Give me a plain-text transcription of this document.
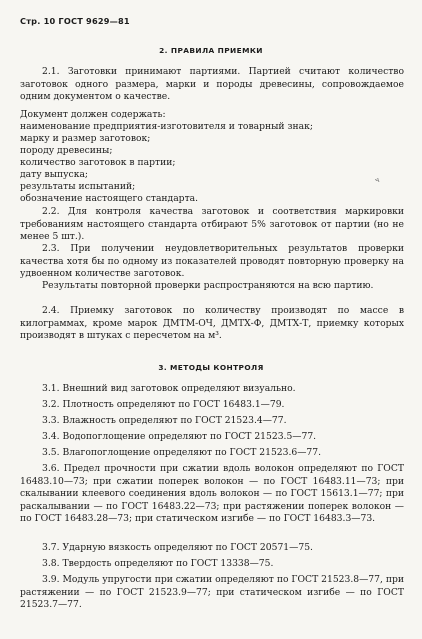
Стр. 10 ГОСТ 9629—81
2. ПРАВИЛА ПРИЕМКИ

2.1. Заготовки принимают партиями. Партией считают количество заготовок одного размера, марки и породы древесины, сопровождаемое одним документом о качестве.

Документ должен содержать:
наименование предприятия-изготовителя и товарный знак;
марку и размер заготовок;
породу древесины;
количество заготовок в партии;
дату выпуска;
результаты испытаний;
обозначение настоящего стандарта.
ч

2.2. Для контроля качества заготовок и соответствия маркировки требованиям настоящего стандарта отбирают 5% заготовок от партии (но не менее 5 шт.).

2.3. При получении неудовлетворительных результатов проверки качества хотя бы по одному из показателей проводят повторную проверку на удвоенном количестве заготовок.

Результаты повторной проверки распространяются на всю партию.

2.4. Приемку заготовок по количеству производят по массе в килограммах, кроме марок ДМТМ-ОЧ, ДМТХ-Ф, ДМТХ-Т, приемку которых производят в штуках с пересчетом на м³.

3. МЕТОДЫ КОНТРОЛЯ

3.1. Внешний вид заготовок определяют визуально.

3.2. Плотность определяют по ГОСТ 16483.1—79.

3.3. Влажность определяют по ГОСТ 21523.4—77.

3.4. Водопоглощение определяют по ГОСТ 21523.5—77.

3.5. Влагопоглощение определяют по ГОСТ 21523.6—77.

3.6. Предел прочности при сжатии вдоль волокон определяют по ГОСТ 16483.10—73; при сжатии поперек волокон — по ГОСТ 16483.11—73; при скалывании клеевого соединения вдоль волокон — по ГОСТ 15613.1—77; при раскалывании — по ГОСТ 16483.22—73; при растяжении поперек волокон — по ГОСТ 16483.28—73; при статическом изгибе — по ГОСТ 16483.3—73.

3.7. Ударную вязкость определяют по ГОСТ 20571—75.

3.8. Твердость определяют по ГОСТ 13338—75.

3.9. Модуль упругости при сжатии определяют по ГОСТ 21523.8—77, при растяжении — по ГОСТ 21523.9—77; при статическом изгибе — по ГОСТ 21523.7—77.
